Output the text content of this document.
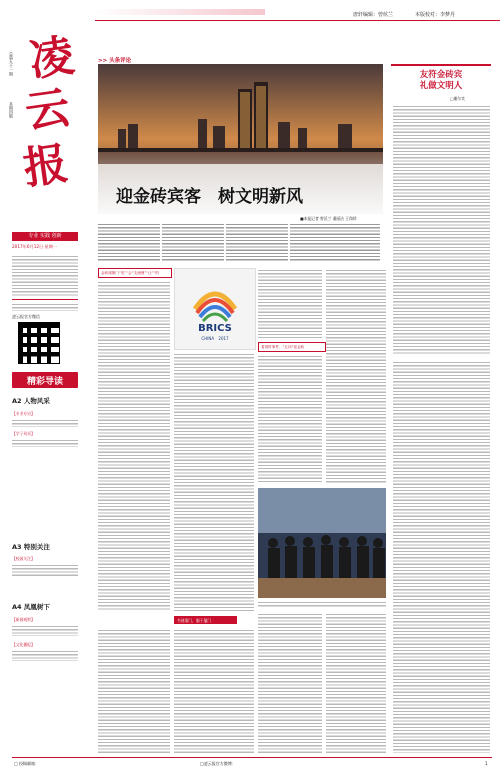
唐轩编辑：曾炫兰	本版校对：李梦丹
凌
云
报
总第九十一期
本期四版
专业 实践 创新
2017年6月12日 星期一
凌云报官方微信
精彩导读
A2 人物风采
【专业专访】
【学子风采】
A3 特别关注
【校园关注】
A4 凤凰树下
【新闻观察】
【文化播报】
>> 头条评论
迎金砖宾客　树文明新风
友符金砖宾
礼做文明人
□谢尔宾
■本报记者 曾沃兰 潘丽洁 王翔珍
金砖城厦门“见”“会”支流理”“让”“的
BRICS
CHINA 2017
书迷需门，服于厦门
看国时事件，“五四”迎金砖
□ 投稿邮箱：	□凌云报官方微博：	1
